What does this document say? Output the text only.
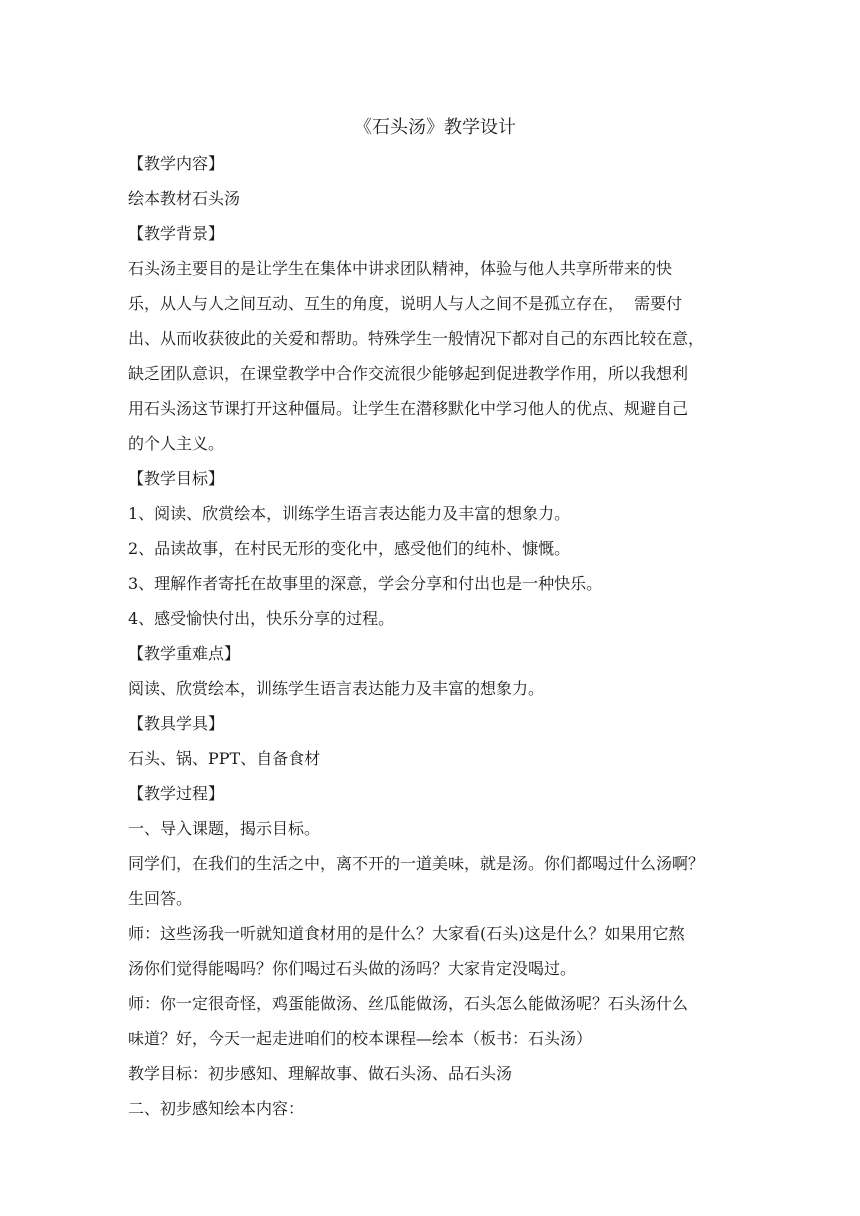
《石头汤》教学设计

【教学内容】

绘本教材石头汤

【教学背景】

石头汤主要目的是让学生在集体中讲求团队精神，体验与他人共享所带来的快
乐，从人与人之间互动、互生的角度，说明人与人之间不是孤立存在，  需要付
出、从而收获彼此的关爱和帮助。特殊学生一般情况下都对自己的东西比较在意，
缺乏团队意识，在课堂教学中合作交流很少能够起到促进教学作用，所以我想利
用石头汤这节课打开这种僵局。让学生在潜移默化中学习他人的优点、规避自己
的个人主义。

【教学目标】

1、阅读、欣赏绘本，训练学生语言表达能力及丰富的想象力。

2、品读故事，在村民无形的变化中，感受他们的纯朴、慷慨。

3、理解作者寄托在故事里的深意，学会分享和付出也是一种快乐。

4、感受愉快付出，快乐分享的过程。

【教学重难点】

阅读、欣赏绘本，训练学生语言表达能力及丰富的想象力。

【教具学具】

石头、锅、PPT、自备食材

【教学过程】

一、导入课题，揭示目标。

同学们，在我们的生活之中，离不开的一道美味，就是汤。你们都喝过什么汤啊？
生回答。
师：这些汤我一听就知道食材用的是什么？大家看(石头)这是什么？如果用它熬
汤你们觉得能喝吗？你们喝过石头做的汤吗？大家肯定没喝过。
师：你一定很奇怪，鸡蛋能做汤、丝瓜能做汤，石头怎么能做汤呢？石头汤什么
味道？好，今天一起走进咱们的校本课程—绘本（板书：石头汤）

教学目标：初步感知、理解故事、做石头汤、品石头汤

二、初步感知绘本内容：
